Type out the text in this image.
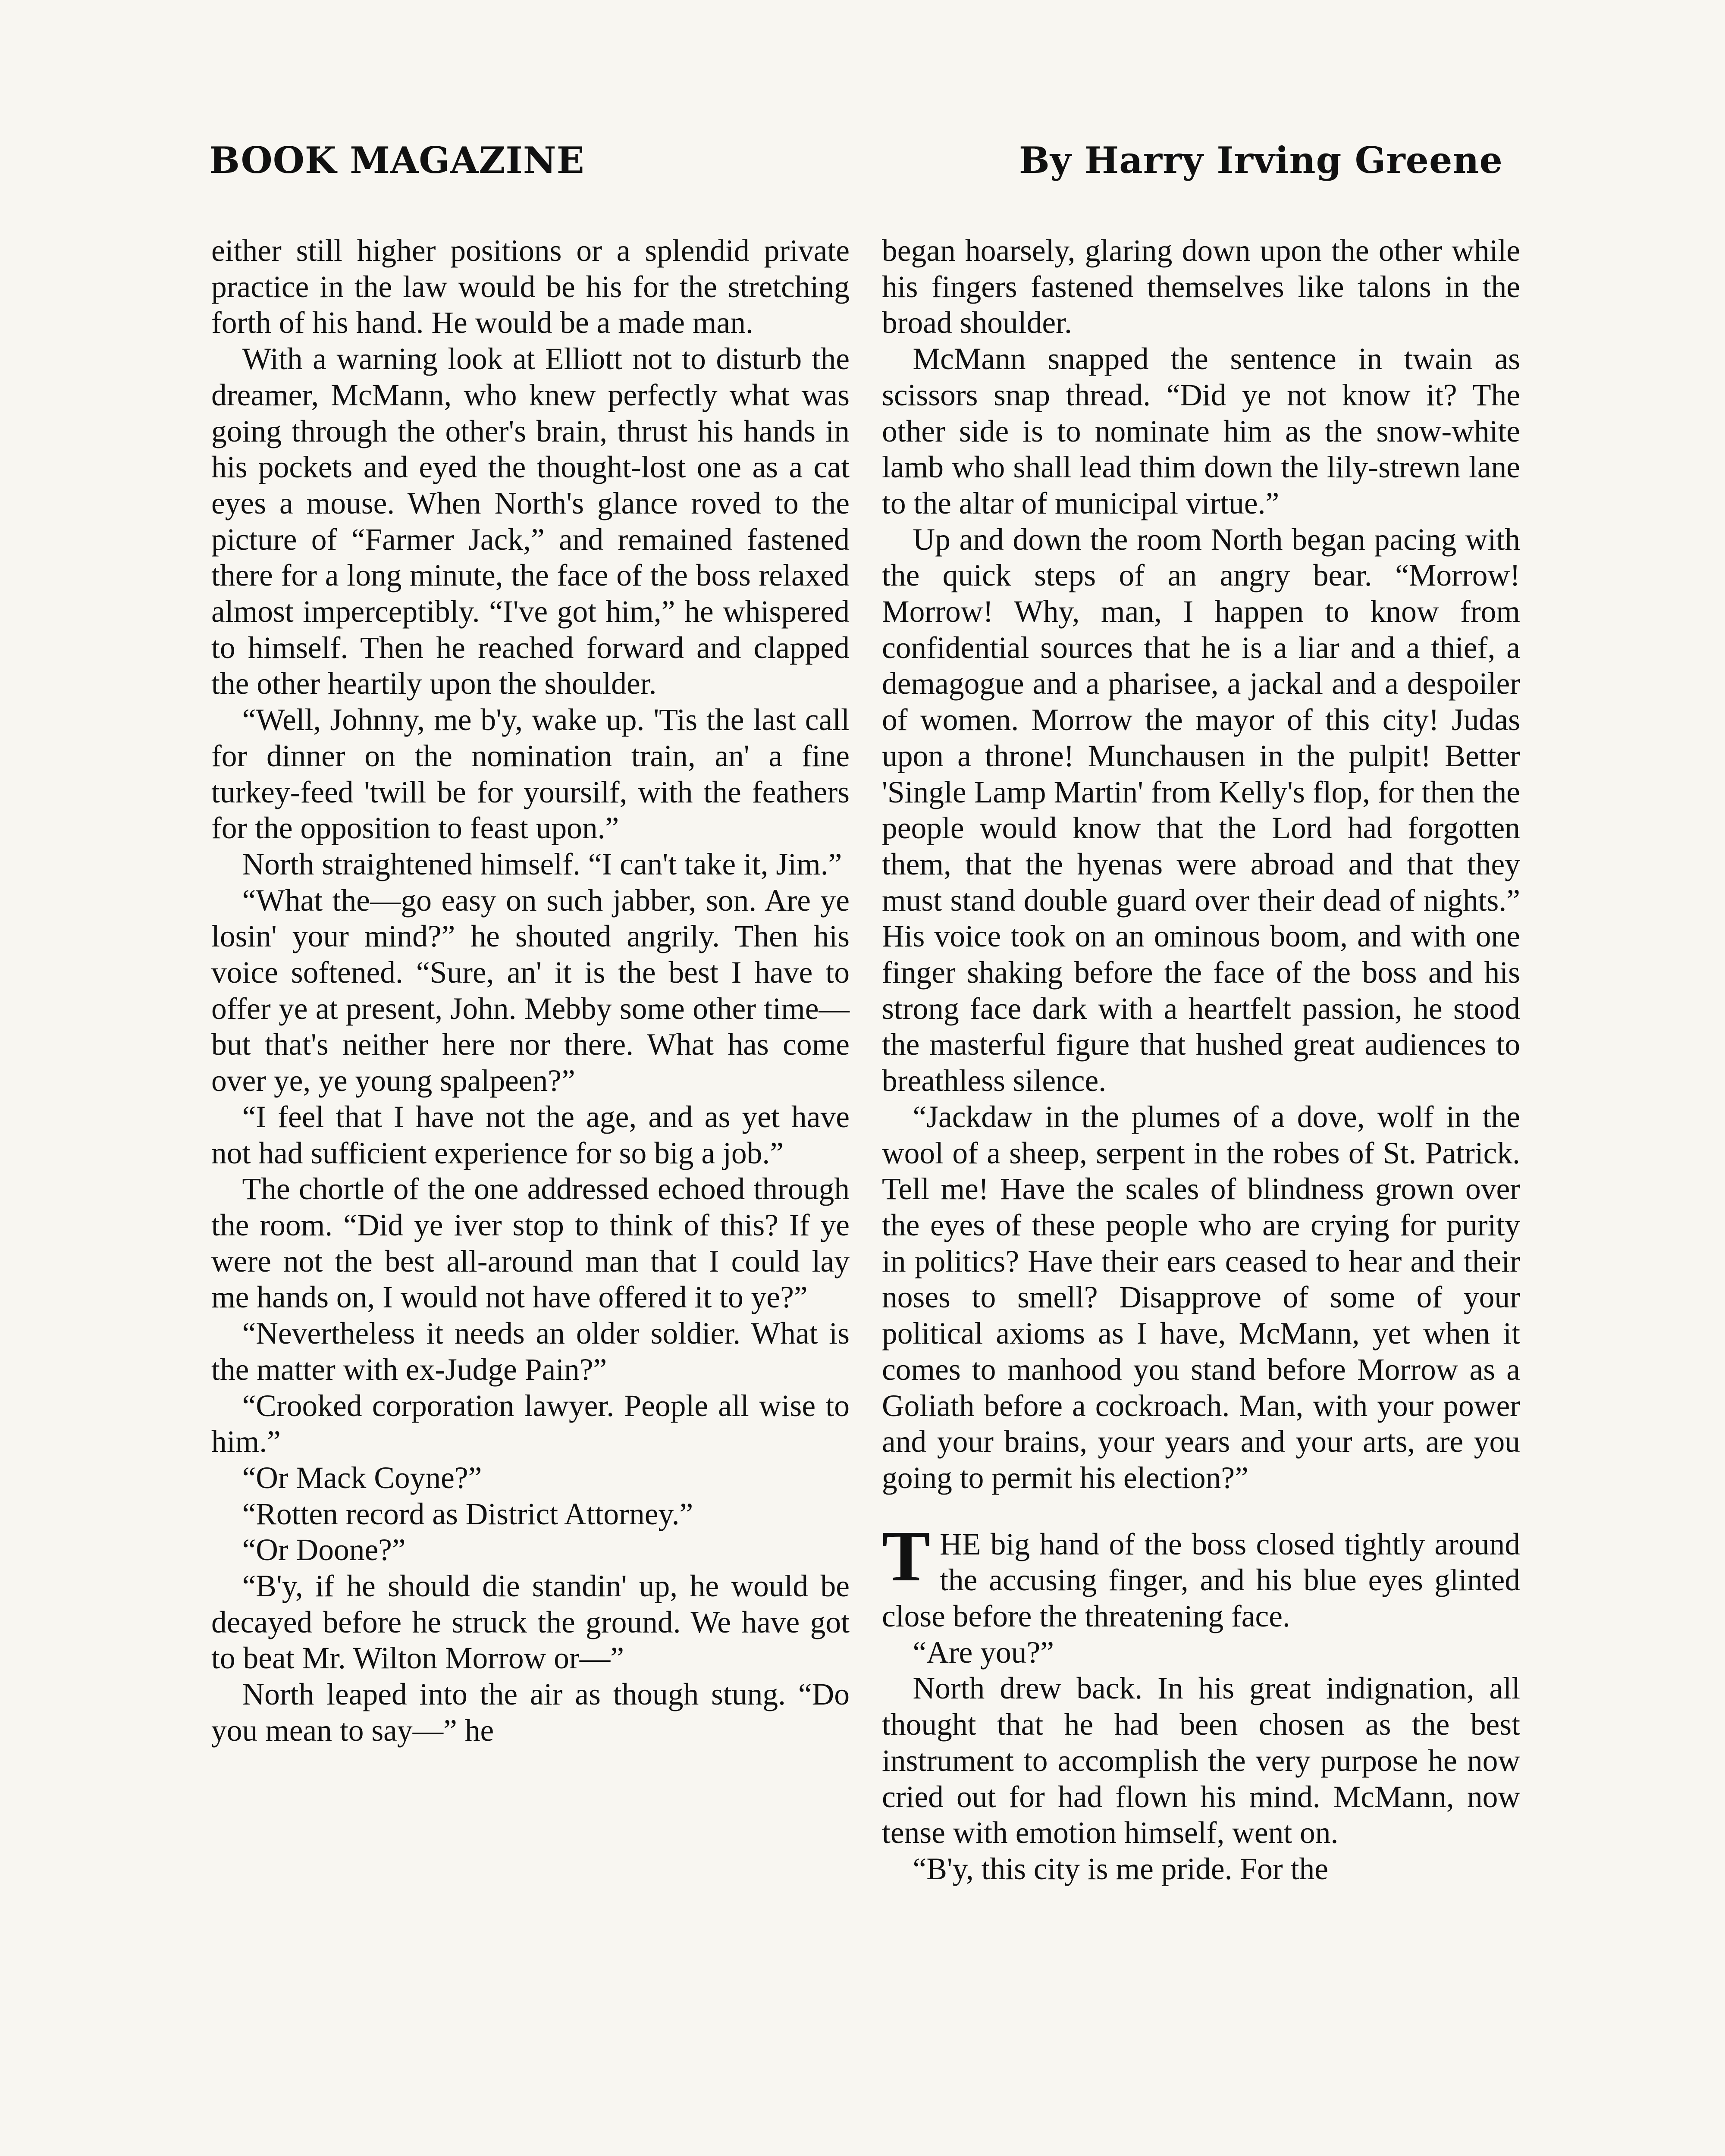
BOOK MAGAZINE	By Harry Irving Greene

either still higher positions or a splendid private practice in the law would be his for the stretching forth of his hand. He would be a made man.

With a warning look at Elliott not to disturb the dreamer, McMann, who knew perfectly what was going through the other's brain, thrust his hands in his pockets and eyed the thought-lost one as a cat eyes a mouse. When North's glance roved to the picture of “Farmer Jack,” and remained fastened there for a long minute, the face of the boss relaxed almost imperceptibly. “I've got him,” he whispered to himself. Then he reached forward and clapped the other heartily upon the shoulder.

“Well, Johnny, me b'y, wake up. 'Tis the last call for dinner on the nomination train, an' a fine turkey-feed 'twill be for yoursilf, with the feathers for the opposition to feast upon.”

North straightened himself. “I can't take it, Jim.”

“What the—go easy on such jabber, son. Are ye losin' your mind?” he shouted angrily. Then his voice softened. “Sure, an' it is the best I have to offer ye at present, John. Mebby some other time—but that's neither here nor there. What has come over ye, ye young spalpeen?”

“I feel that I have not the age, and as yet have not had sufficient experience for so big a job.”

The chortle of the one addressed echoed through the room. “Did ye iver stop to think of this? If ye were not the best all-around man that I could lay me hands on, I would not have offered it to ye?”

“Nevertheless it needs an older soldier. What is the matter with ex-Judge Pain?”

“Crooked corporation lawyer. People all wise to him.”

“Or Mack Coyne?”

“Rotten record as District Attorney.”

“Or Doone?”

“B'y, if he should die standin' up, he would be decayed before he struck the ground. We have got to beat Mr. Wilton Morrow or—”

North leaped into the air as though stung. “Do you mean to say—” he

began hoarsely, glaring down upon the other while his fingers fastened themselves like talons in the broad shoulder.

McMann snapped the sentence in twain as scissors snap thread. “Did ye not know it? The other side is to nominate him as the snow-white lamb who shall lead thim down the lily-strewn lane to the altar of municipal virtue.”

Up and down the room North began pacing with the quick steps of an angry bear. “Morrow! Morrow! Why, man, I happen to know from confidential sources that he is a liar and a thief, a demagogue and a pharisee, a jackal and a despoiler of women. Morrow the mayor of this city! Judas upon a throne! Munchausen in the pulpit! Better 'Single Lamp Martin' from Kelly's flop, for then the people would know that the Lord had forgotten them, that the hyenas were abroad and that they must stand double guard over their dead of nights.” His voice took on an ominous boom, and with one finger shaking before the face of the boss and his strong face dark with a heartfelt passion, he stood the masterful figure that hushed great audiences to breathless silence.

“Jackdaw in the plumes of a dove, wolf in the wool of a sheep, serpent in the robes of St. Patrick. Tell me! Have the scales of blindness grown over the eyes of these people who are crying for purity in politics? Have their ears ceased to hear and their noses to smell? Disapprove of some of your political axioms as I have, McMann, yet when it comes to manhood you stand before Morrow as a Goliath before a cockroach. Man, with your power and your brains, your years and your arts, are you going to permit his election?”

THE big hand of the boss closed tightly around the accusing finger, and his blue eyes glinted close before the threatening face.

“Are you?”

North drew back. In his great indignation, all thought that he had been chosen as the best instrument to accomplish the very purpose he now cried out for had flown his mind. McMann, now tense with emotion himself, went on.

“B'y, this city is me pride. For the
